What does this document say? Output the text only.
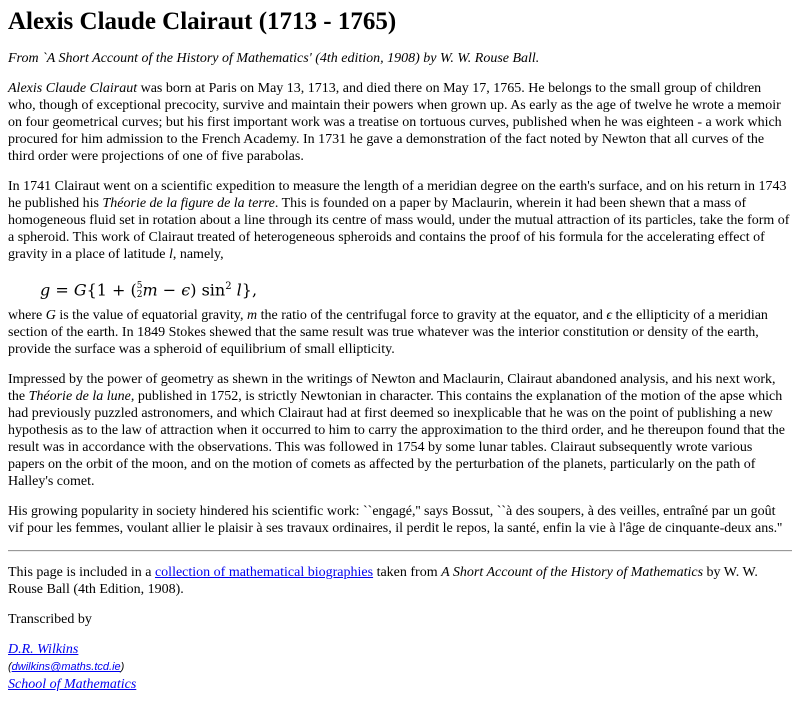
Alexis Claude Clairaut (1713 - 1765)

From `A Short Account of the History of Mathematics' (4th edition, 1908) by W. W. Rouse Ball.

Alexis Claude Clairaut was born at Paris on May 13, 1713, and died there on May 17, 1765. He belongs to the small group of children who, though of exceptional precocity, survive and maintain their powers when grown up. As early as the age of twelve he wrote a memoir on four geometrical curves; but his first important work was a treatise on tortuous curves, published when he was eighteen - a work which procured for him admission to the French Academy. In 1731 he gave a demonstration of the fact noted by Newton that all curves of the third order were projections of one of five parabolas.

In 1741 Clairaut went on a scientific expedition to measure the length of a meridian degree on the earth's surface, and on his return in 1743 he published his Théorie de la figure de la terre. This is founded on a paper by Maclaurin, wherein it had been shewn that a mass of homogeneous fluid set in rotation about a line through its centre of mass would, under the mutual attraction of its particles, take the form of a spheroid. This work of Clairaut treated of heterogeneous spheroids and contains the proof of his formula for the accelerating effect of gravity in a place of latitude l, namely,

g = G{1 + (5
2m − ϵ) $\sin^2 l$},

where G is the value of equatorial gravity, m the ratio of the centrifugal force to gravity at the equator, and ϵ the ellipticity of a meridian section of the earth. In 1849 Stokes shewed that the same result was true whatever was the interior constitution or density of the earth, provide the surface was a spheroid of equilibrium of small ellipticity.

Impressed by the power of geometry as shewn in the writings of Newton and Maclaurin, Clairaut abandoned analysis, and his next work, the Théorie de la lune, published in 1752, is strictly Newtonian in character. This contains the explanation of the motion of the apse which had previously puzzled astronomers, and which Clairaut had at first deemed so inexplicable that he was on the point of publishing a new hypothesis as to the law of attraction when it occurred to him to carry the approximation to the third order, and he thereupon found that the result was in accordance with the observations. This was followed in 1754 by some lunar tables. Clairaut subsequently wrote various papers on the orbit of the moon, and on the motion of comets as affected by the perturbation of the planets, particularly on the path of Halley's comet.

His growing popularity in society hindered his scientific work: ``engagé,'' says Bossut, ``à des soupers, à des veilles, entraîné par un goût vif pour les femmes, voulant allier le plaisir à ses travaux ordinaires, il perdit le repos, la santé, enfin la vie à l'âge de cinquante-deux ans.''

This page is included in a collection of mathematical biographies taken from A Short Account of the History of Mathematics by W. W. Rouse Ball (4th Edition, 1908).

Transcribed by

D.R. Wilkins
(dwilkins@maths.tcd.ie)
School of Mathematics
